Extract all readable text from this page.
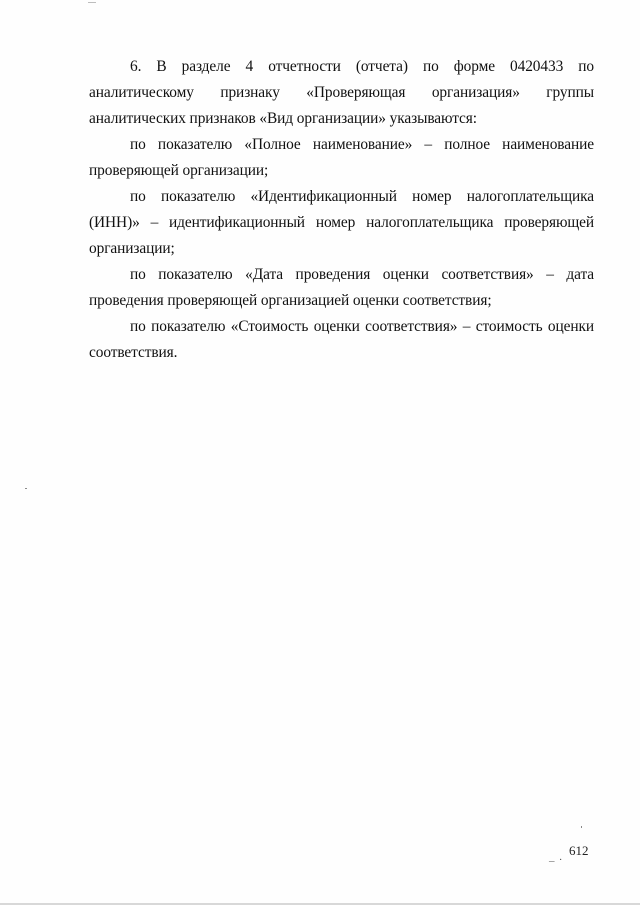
6. В разделе 4 отчетности (отчета) по форме 0420433 по аналитическому признаку «Проверяющая организация» группы аналитических признаков «Вид организации» указываются:

по показателю «Полное наименование» – полное наименование проверяющей организации;

по показателю «Идентификационный номер налогоплательщика (ИНН)» – идентификационный номер налогоплательщика проверяющей организации;

по показателю «Дата проведения оценки соответствия» – дата проведения проверяющей организацией оценки соответствия;

по показателю «Стоимость оценки соответствия» – стоимость оценки соответствия.

_ . 612
